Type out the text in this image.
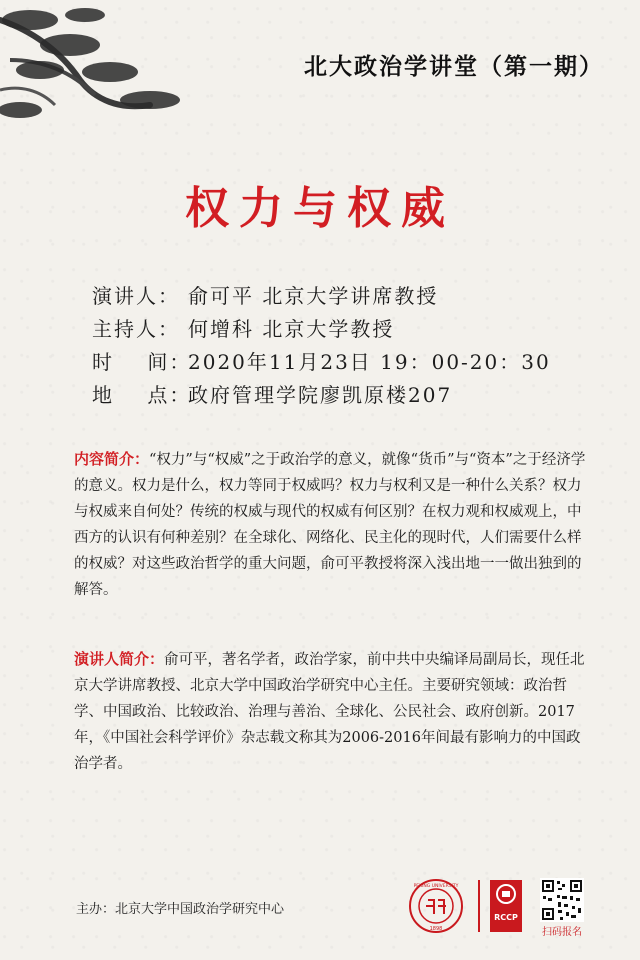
北大政治学讲堂（第一期）
权力与权威
演讲人： 俞可平 北京大学讲席教授
主持人： 何增科 北京大学教授
时    间：
2020年11月23日 19：00-20：30
地    点：
政府管理学院廖凯原楼207
内容简介：“权力”与“权威”之于政治学的意义，就像“货币”与“资本”之于经济学的意义。权力是什么，权力等同于权威吗？权力与权利又是一种什么关系？权力与权威来自何处？传统的权威与现代的权威有何区别？在权力观和权威观上，中西方的认识有何种差别？在全球化、网络化、民主化的现时代，人们需要什么样的权威？对这些政治哲学的重大问题，俞可平教授将深入浅出地一一做出独到的解答。
演讲人简介：俞可平，著名学者，政治学家，前中共中央编译局副局长，现任北京大学讲席教授、北京大学中国政治学研究中心主任。主要研究领域：政治哲学、中国政治、比较政治、治理与善治、全球化、公民社会、政府创新。2017年，《中国社会科学评价》杂志载文称其为2006-2016年间最有影响力的中国政治学者。
主办：北京大学中国政治学研究中心
PEKING UNIVERSITY
1898
RCCP
扫码报名
